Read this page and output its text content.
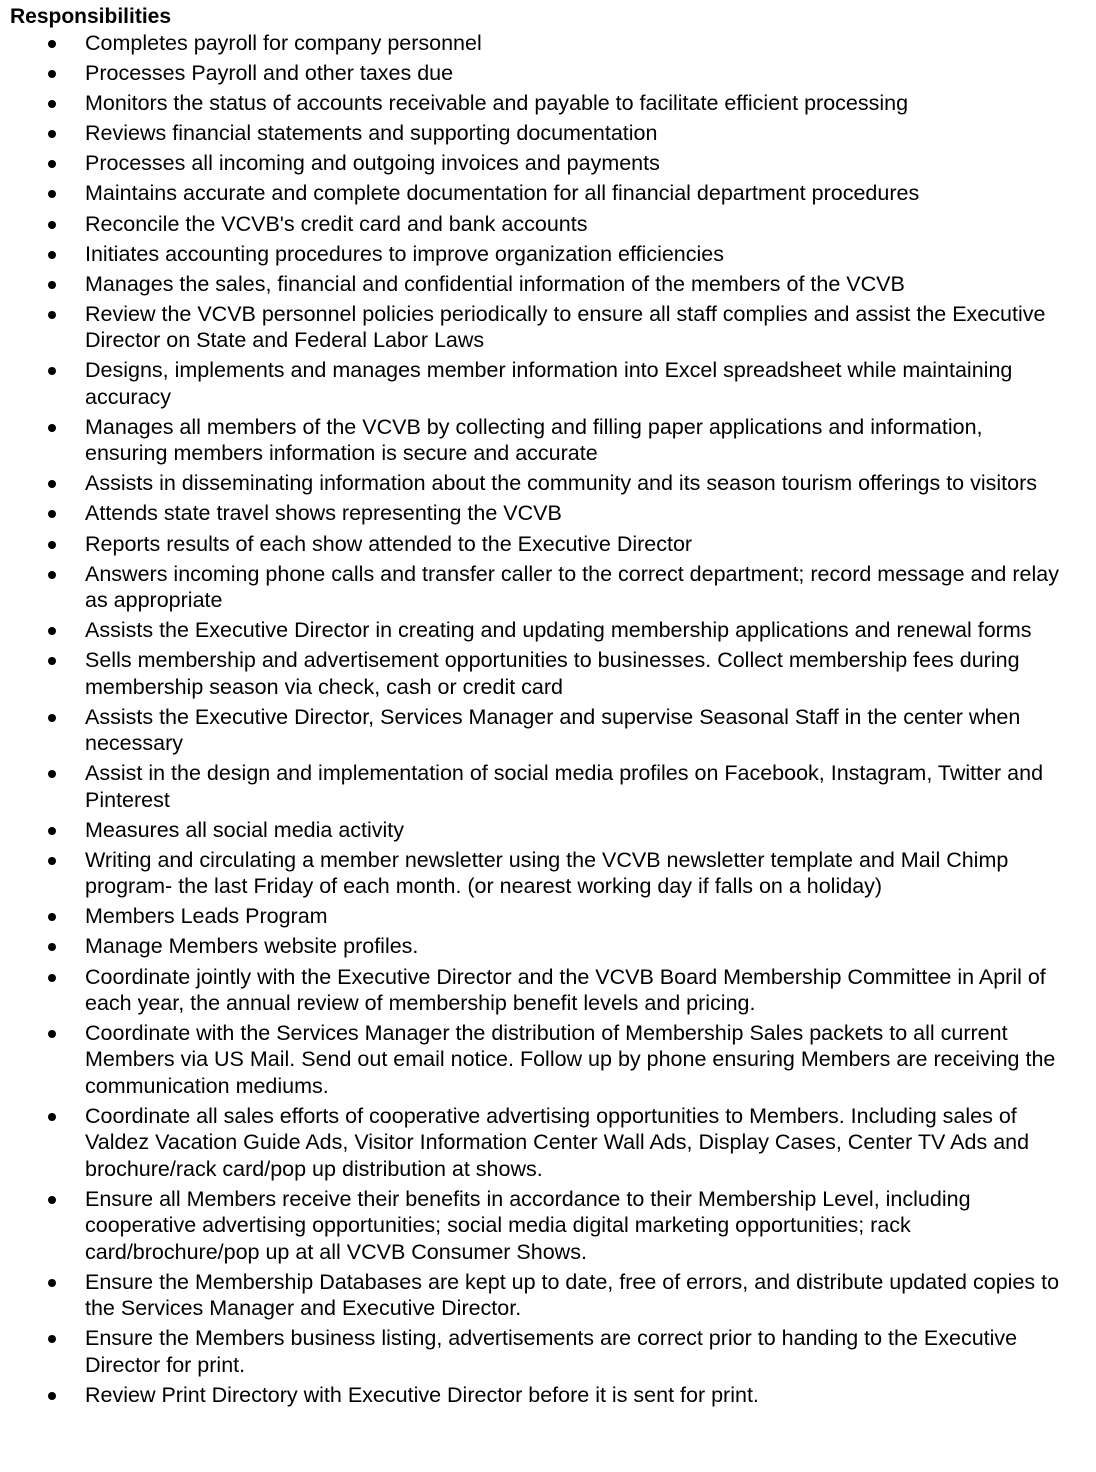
Responsibilities
Completes payroll for company personnel
Processes Payroll and other taxes due
Monitors the status of accounts receivable and payable to facilitate efficient processing
Reviews financial statements and supporting documentation
Processes all incoming and outgoing invoices and payments
Maintains accurate and complete documentation for all financial department procedures
Reconcile the VCVB's credit card and bank accounts
Initiates accounting procedures to improve organization efficiencies
Manages the sales, financial and confidential information of the members of the VCVB
Review the VCVB personnel policies periodically to ensure all staff complies and assist the Executive Director on State and Federal Labor Laws
Designs, implements and manages member information into Excel spreadsheet while maintaining accuracy
Manages all members of the VCVB by collecting and filling paper applications and information, ensuring members information is secure and accurate
Assists in disseminating information about the community and its season tourism offerings to visitors
Attends state travel shows representing the VCVB
Reports results of each show attended to the Executive Director
Answers incoming phone calls and transfer caller to the correct department; record message and relay as appropriate
Assists the Executive Director in creating and updating membership applications and renewal forms
Sells membership and advertisement opportunities to businesses. Collect membership fees during membership season via check, cash or credit card
Assists the Executive Director, Services Manager and supervise Seasonal Staff in the center when necessary
Assist in the design and implementation of social media profiles on Facebook, Instagram, Twitter and Pinterest
Measures all social media activity
Writing and circulating a member newsletter using the VCVB newsletter template and Mail Chimp program- the last Friday of each month. (or nearest working day if falls on a holiday)
Members Leads Program
Manage Members website profiles.
Coordinate jointly with the Executive Director and the VCVB Board Membership Committee in April of each year, the annual review of membership benefit levels and pricing.
Coordinate with the Services Manager the distribution of Membership Sales packets to all current Members via US Mail. Send out email notice. Follow up by phone ensuring Members are receiving the communication mediums.
Coordinate all sales efforts of cooperative advertising opportunities to Members. Including sales of Valdez Vacation Guide Ads, Visitor Information Center Wall Ads, Display Cases, Center TV Ads and brochure/rack card/pop up distribution at shows.
Ensure all Members receive their benefits in accordance to their Membership Level, including cooperative advertising opportunities; social media digital marketing opportunities; rack card/brochure/pop up at all VCVB Consumer Shows.
Ensure the Membership Databases are kept up to date, free of errors, and distribute updated copies to the Services Manager and Executive Director.
Ensure the Members business listing, advertisements are correct prior to handing to the Executive Director for print.
Review Print Directory with Executive Director before it is sent for print.
